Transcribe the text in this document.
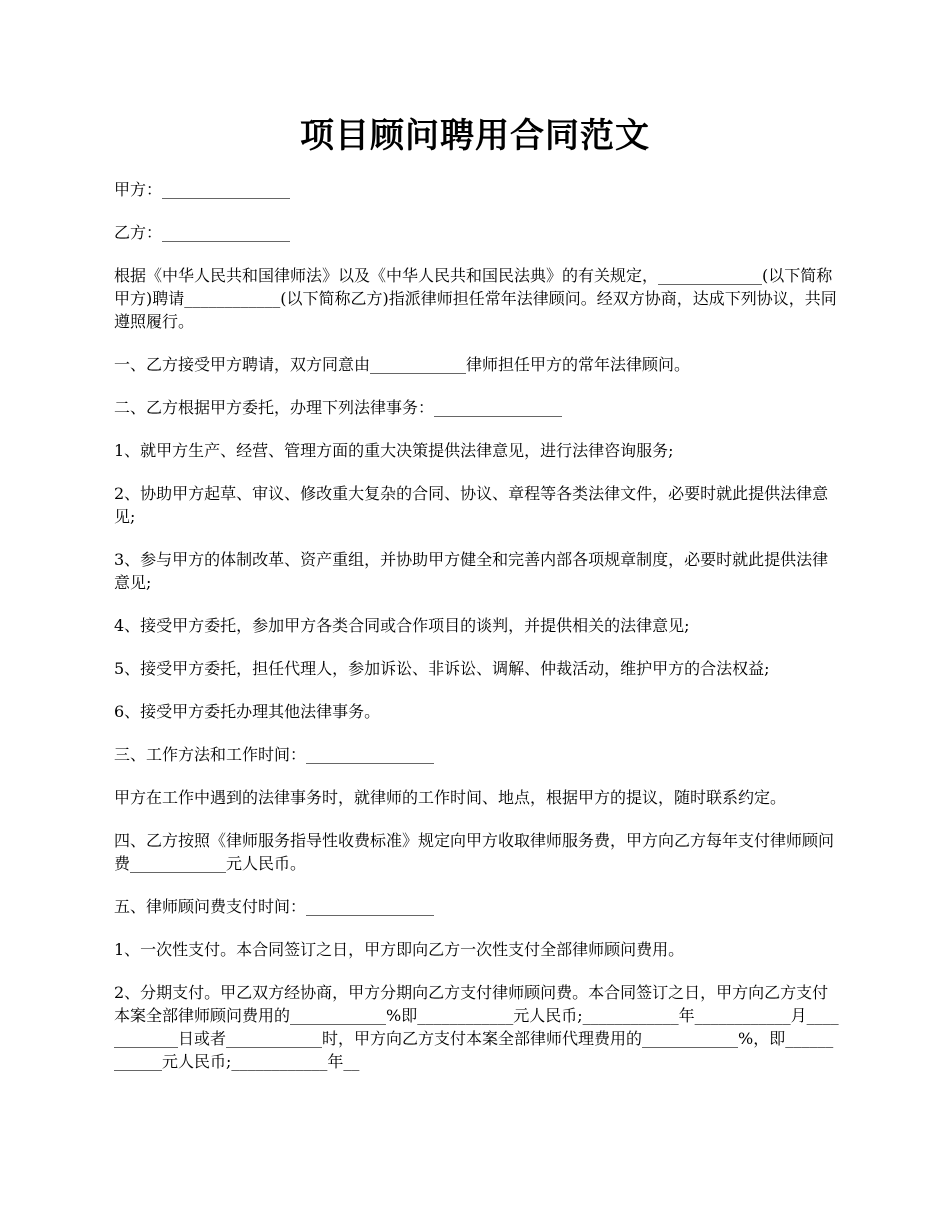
项目顾问聘用合同范文

甲方：________________

乙方：________________

根据《中华人民共和国律师法》以及《中华人民共和国民法典》的有关规定，_____________(以下简称甲方)聘请____________(以下简称乙方)指派律师担任常年法律顾问。经双方协商，达成下列协议，共同遵照履行。

一、乙方接受甲方聘请，双方同意由____________律师担任甲方的常年法律顾问。

二、乙方根据甲方委托，办理下列法律事务：________________

1、就甲方生产、经营、管理方面的重大决策提供法律意见，进行法律咨询服务;

2、协助甲方起草、审议、修改重大复杂的合同、协议、章程等各类法律文件，必要时就此提供法律意见;

3、参与甲方的体制改革、资产重组，并协助甲方健全和完善内部各项规章制度，必要时就此提供法律意见;

4、接受甲方委托，参加甲方各类合同或合作项目的谈判，并提供相关的法律意见;

5、接受甲方委托，担任代理人，参加诉讼、非诉讼、调解、仲裁活动，维护甲方的合法权益;

6、接受甲方委托办理其他法律事务。

三、工作方法和工作时间：________________

甲方在工作中遇到的法律事务时，就律师的工作时间、地点，根据甲方的提议，随时联系约定。

四、乙方按照《律师服务指导性收费标准》规定向甲方收取律师服务费，甲方向乙方每年支付律师顾问费____________元人民币。

五、律师顾问费支付时间：________________

1、一次性支付。本合同签订之日，甲方即向乙方一次性支付全部律师顾问费用。

2、分期支付。甲乙双方经协商，甲方分期向乙方支付律师顾问费。本合同签订之日，甲方向乙方支付本案全部律师顾问费用的____________%即____________元人民币;____________年____________月____________日或者____________时，甲方向乙方支付本案全部律师代理费用的____________%，即____________元人民币;____________年__
